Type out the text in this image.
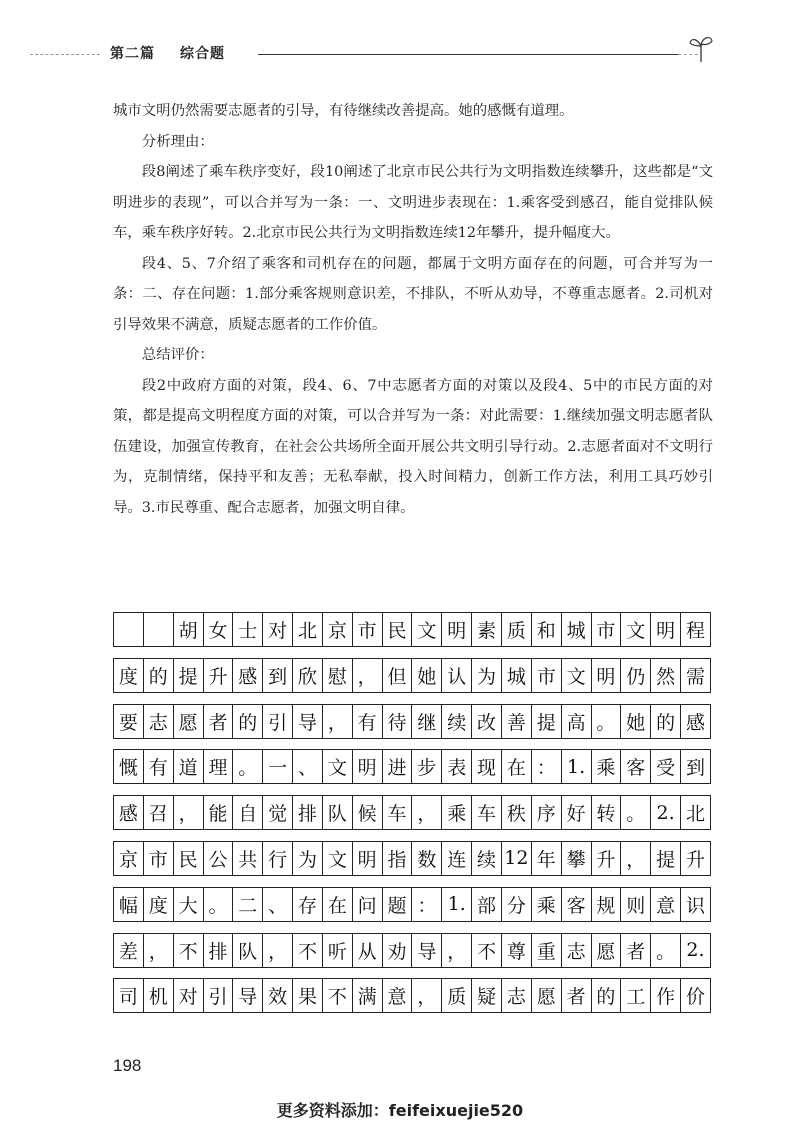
第二篇 综合题

城市文明仍然需要志愿者的引导，有待继续改善提高。她的感慨有道理。

分析理由：

段8阐述了乘车秩序变好，段10阐述了北京市民公共行为文明指数连续攀升，这些都是“文明进步的表现”，可以合并写为一条：一、文明进步表现在：1.乘客受到感召，能自觉排队候车，乘车秩序好转。2.北京市民公共行为文明指数连续12年攀升，提升幅度大。

段4、5、7介绍了乘客和司机存在的问题，都属于文明方面存在的问题，可合并写为一条：二、存在问题：1.部分乘客规则意识差，不排队，不听从劝导，不尊重志愿者。2.司机对引导效果不满意，质疑志愿者的工作价值。

总结评价：

段2中政府方面的对策，段4、6、7中志愿者方面的对策以及段4、5中的市民方面的对策，都是提高文明程度方面的对策，可以合并写为一条：对此需要：1.继续加强文明志愿者队伍建设，加强宣传教育，在社会公共场所全面开展公共文明引导行动。2.志愿者面对不文明行为，克制情绪，保持平和友善；无私奉献，投入时间精力，创新工作方法，利用工具巧妙引导。3.市民尊重、配合志愿者，加强文明自律。

胡 女 士 对 北 京 市 民 文 明 素 质 和 城 市 文 明 程
度 的 提 升 感 到 欣 慰 ， 但 她 认 为 城 市 文 明 仍 然 需
要 志 愿 者 的 引 导 ， 有 待 继 续 改 善 提 高 。 她 的 感
慨 有 道 理 。 一 、 文 明 进 步 表 现 在 ： 1. 乘 客 受 到
感 召 ， 能 自 觉 排 队 候 车 ， 乘 车 秩 序 好 转 。 2. 北
京 市 民 公 共 行 为 文 明 指 数 连 续 12 年 攀 升 ， 提 升
幅 度 大 。 二 、 存 在 问 题 ： 1. 部 分 乘 客 规 则 意 识
差 ， 不 排 队 ， 不 听 从 劝 导 ， 不 尊 重 志 愿 者 。 2.
司 机 对 引 导 效 果 不 满 意 ， 质 疑 志 愿 者 的 工 作 价
198
更多资料添加：feifeixuejie520
